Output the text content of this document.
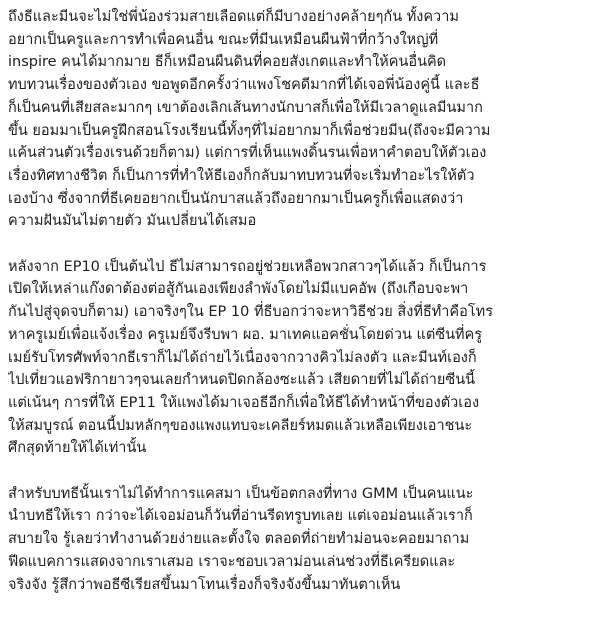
ถึงธีและมีนจะไม่ใช่พี่น้องร่วมสายเลือดแต่ก็มีบางอย่างคล้ายๆกัน ทั้งความ
อยากเป็นครูและการทำเพื่อคนอื่น ขณะที่มีนเหมือนผืนฟ้าที่กว้างใหญ่ที่
inspire คนได้มากมาย ธีก็เหมือนผืนดินที่คอยสังเกตและทำให้คนอื่นคิด
ทบทวนเรื่องของตัวเอง ขอพูดอีกครั้งว่าแพงโชคดีมากที่ได้เจอพี่น้องคู่นี้ และธี
ก็เป็นคนที่เสียสละมากๆ เขาต้องเลิกเส้นทางนักบาสก็เพื่อให้มีเวลาดูแลมีนมาก
ขึ้น ยอมมาเป็นครูฝึกสอนโรงเรียนนี้ทั้งๆที่ไม่อยากมาก็เพื่อช่วยมีน(ถึงจะมีความ
แค้นส่วนตัวเรื่องเรนด้วยก็ตาม) แต่การที่เห็นแพงดิ้นรนเพื่อหาคำตอบให้ตัวเอง
เรื่องทิศทางชีวิต ก็เป็นการที่ทำให้ธีเองก็กลับมาทบทวนที่จะเริ่มทำอะไรให้ตัว
เองบ้าง ซึ่งจากที่ธีเคยอยากเป็นนักบาสแล้วถึงอยากมาเป็นครูก็เพื่อแสดงว่า
ความฝันมันไม่ตายตัว มันเปลี่ยนได้เสมอ

หลังจาก EP10 เป็นต้นไป ธีไม่สามารถอยู่ช่วยเหลือพวกสาวๆได้แล้ว ก็เป็นการ
เปิดให้เหล่าแก๊งดาต้องต่อสู้กันเองเพียงลำพังโดยไม่มีแบคอัพ (ถึงเกือบจะพา
กันไปสู่จุดจบก็ตาม) เอาจริงๆใน EP 10 ที่ธีบอกว่าจะหาวิธีช่วย สิ่งที่ธีทำคือโทร
หาครูเมย์เพื่อแจ้งเรื่อง ครูเมย์จึงรีบพา ผอ. มาเทคแอคชั่นโดยด่วน แต่ซีนที่ครู
เมย์รับโทรศัพท์จากธีเราก็ไม่ได้ถ่ายไว้เนื่องจากวางคิวไม่ลงตัว และมีนท์เองก็
ไปเที่ยวแอฟริกายาวๆจนเลยกำหนดปิดกล้องซะแล้ว เสียดายที่ไม่ได้ถ่ายซีนนี้
แต่เน้นๆ การที่ให้ EP11 ให้แพงได้มาเจอธีอีกก็เพื่อให้ธีได้ทำหน้าที่ของตัวเอง
ให้สมบูรณ์ ตอนนี้ปมหลักๆของแพงแทบจะเคลียร์หมดแล้วเหลือเพียงเอาชนะ
ศึกสุดท้ายให้ได้เท่านั้น

สำหรับบทธีนั้นเราไม่ได้ทำการแคสมา เป็นข้อตกลงที่ทาง GMM เป็นคนแนะ
นำบทธีให้เรา กว่าจะได้เจอม่อนก็วันที่อ่านรีดทรูบทเลย แต่เจอม่อนแล้วเราก็
สบายใจ รู้เลยว่าทำงานด้วยง่ายและตั้งใจ ตลอดที่ถ่ายทำม่อนจะคอยมาถาม
ฟีดแบคการแสดงจากเราเสมอ เราจะชอบเวลาม่อนเล่นช่วงที่ธีเครียดและ
จริงจัง รู้สึกว่าพอธีซีเรียสขึ้นมาโทนเรื่องก็จริงจังขึ้นมาทันตาเห็น
